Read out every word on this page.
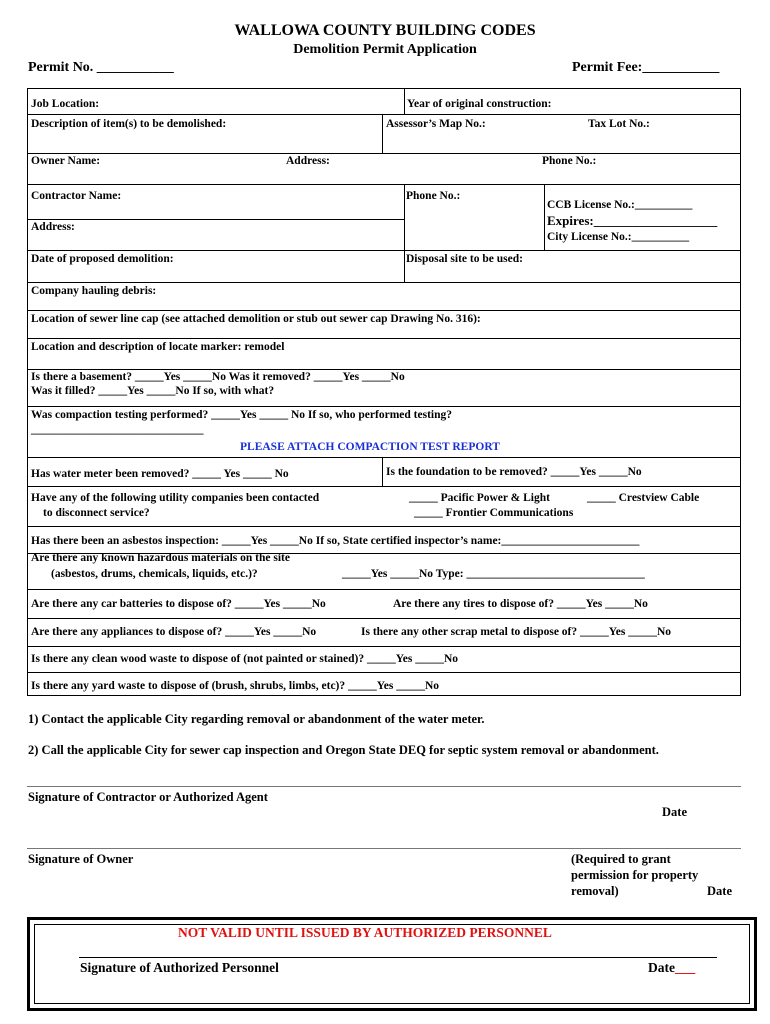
WALLOWA COUNTY BUILDING CODES
Demolition Permit Application
Permit No. ___________	Permit Fee:___________
Job Location:	Year of original construction:
Description of item(s) to be demolished:	Assessor’s Map No.:	Tax Lot No.:
Owner Name:	Address:	Phone No.:
Contractor Name:	Phone No.:
CCB License No.:__________
Expires:___________________
City License No.:__________
Address:
Date of proposed demolition:	Disposal site to be used:
Company hauling debris:
Location of sewer line cap (see attached demolition or stub out sewer cap Drawing No. 316):
Location and description of locate marker: remodel
Is there a basement? _____Yes _____No Was it removed? _____Yes _____No
Was it filled? _____Yes _____No If so, with what?
Was compaction testing performed? _____Yes _____ No If so, who performed testing?
______________________________
PLEASE ATTACH COMPACTION TEST REPORT
Has water meter been removed? _____ Yes _____ No	Is the foundation to be removed? _____Yes _____No
Have any of the following utility companies been contacted
to disconnect service?
_____ Pacific Power & Light	_____ Crestview Cable
_____ Frontier Communications
Has there been an asbestos inspection: _____Yes _____No If so, State certified inspector’s name:________________________
Are there any known hazardous materials on the site
(asbestos, drums, chemicals, liquids, etc.)?	_____Yes _____No Type: _______________________________
Are there any car batteries to dispose of? _____Yes _____No	Are there any tires to dispose of? _____Yes _____No
Are there any appliances to dispose of? _____Yes _____No	Is there any other scrap metal to dispose of? _____Yes _____No
Is there any clean wood waste to dispose of (not painted or stained)? _____Yes _____No
Is there any yard waste to dispose of (brush, shrubs, limbs, etc)? _____Yes _____No
1) Contact the applicable City regarding removal or abandonment of the water meter.
2) Call the applicable City for sewer cap inspection and Oregon State DEQ for septic system removal or abandonment.
Signature of Contractor or Authorized Agent
Date
Signature of Owner	(Required to grant
permission for property
removal)	Date
NOT VALID UNTIL ISSUED BY AUTHORIZED PERSONNEL
Signature of Authorized Personnel	Date___
